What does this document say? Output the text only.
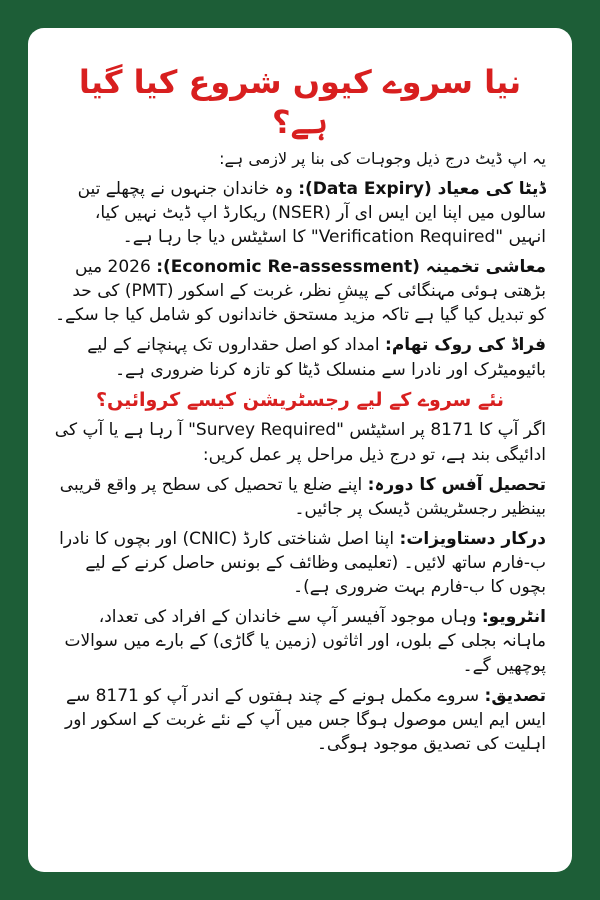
نیا سروے کیوں شروع کیا گیا ہے؟

یہ اپ ڈیٹ درج ذیل وجوہات کی بنا پر لازمی ہے:

ڈیٹا کی معیاد (Data Expiry): وہ خاندان جنہوں نے پچھلے تین سالوں میں اپنا این ایس ای آر (NSER) ریکارڈ اپ ڈیٹ نہیں کیا، انہیں "Verification Required" کا اسٹیٹس دیا جا رہا ہے۔

معاشی تخمینہ (Economic Re-assessment): 2026 میں بڑھتی ہوئی مہنگائی کے پیشِ نظر، غربت کے اسکور (PMT) کی حد کو تبدیل کیا گیا ہے تاکہ مزید مستحق خاندانوں کو شامل کیا جا سکے۔

فراڈ کی روک تھام: امداد کو اصل حقداروں تک پہنچانے کے لیے بائیومیٹرک اور نادرا سے منسلک ڈیٹا کو تازہ کرنا ضروری ہے۔

نئے سروے کے لیے رجسٹریشن کیسے کروائیں؟

اگر آپ کا 8171 پر اسٹیٹس "Survey Required" آ رہا ہے یا آپ کی ادائیگی بند ہے، تو درج ذیل مراحل پر عمل کریں:

تحصیل آفس کا دورہ: اپنے ضلع یا تحصیل کی سطح پر واقع قریبی بینظیر رجسٹریشن ڈیسک پر جائیں۔

درکار دستاویزات: اپنا اصل شناختی کارڈ (CNIC) اور بچوں کا نادرا ب-فارم ساتھ لائیں۔ (تعلیمی وظائف کے بونس حاصل کرنے کے لیے بچوں کا ب-فارم بہت ضروری ہے)۔

انٹرویو: وہاں موجود آفیسر آپ سے خاندان کے افراد کی تعداد، ماہانہ بجلی کے بلوں، اور اثاثوں (زمین یا گاڑی) کے بارے میں سوالات پوچھیں گے۔

تصدیق: سروے مکمل ہونے کے چند ہفتوں کے اندر آپ کو 8171 سے ایس ایم ایس موصول ہوگا جس میں آپ کے نئے غربت کے اسکور اور اہلیت کی تصدیق موجود ہوگی۔
